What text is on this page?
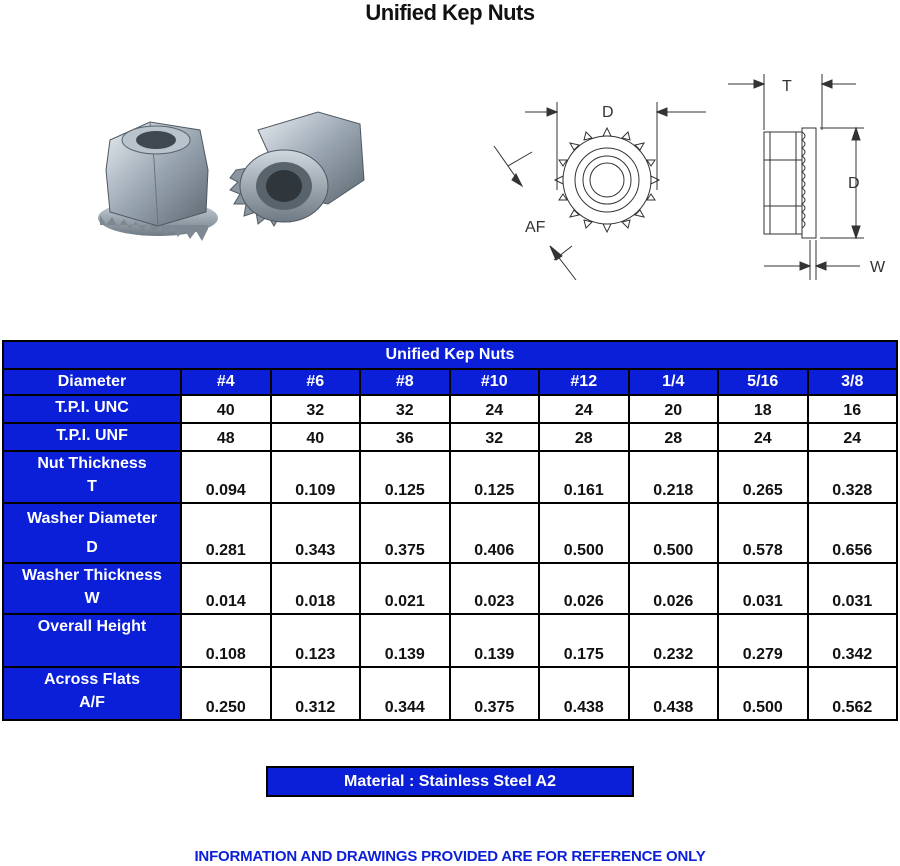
Unified Kep Nuts
D
AF
T
D
W
Unified Kep Nuts								
Diameter	#4	#6	#8	#10	#12	1/4	5/16	3/8
T.P.I. UNC	40	32	32	24	24	20	18	16
T.P.I. UNF	48	40	36	32	28	28	24	24
Nut Thickness
T	0.094	0.109	0.125	0.125	0.161	0.218	0.265	0.328
Washer Diameter
D	0.281	0.343	0.375	0.406	0.500	0.500	0.578	0.656
Washer Thickness
W	0.014	0.018	0.021	0.023	0.026	0.026	0.031	0.031
Overall Height	0.108	0.123	0.139	0.139	0.175	0.232	0.279	0.342
Across Flats
A/F	0.250	0.312	0.344	0.375	0.438	0.438	0.500	0.562
Material : Stainless Steel A2
INFORMATION AND DRAWINGS PROVIDED ARE FOR REFERENCE ONLY
